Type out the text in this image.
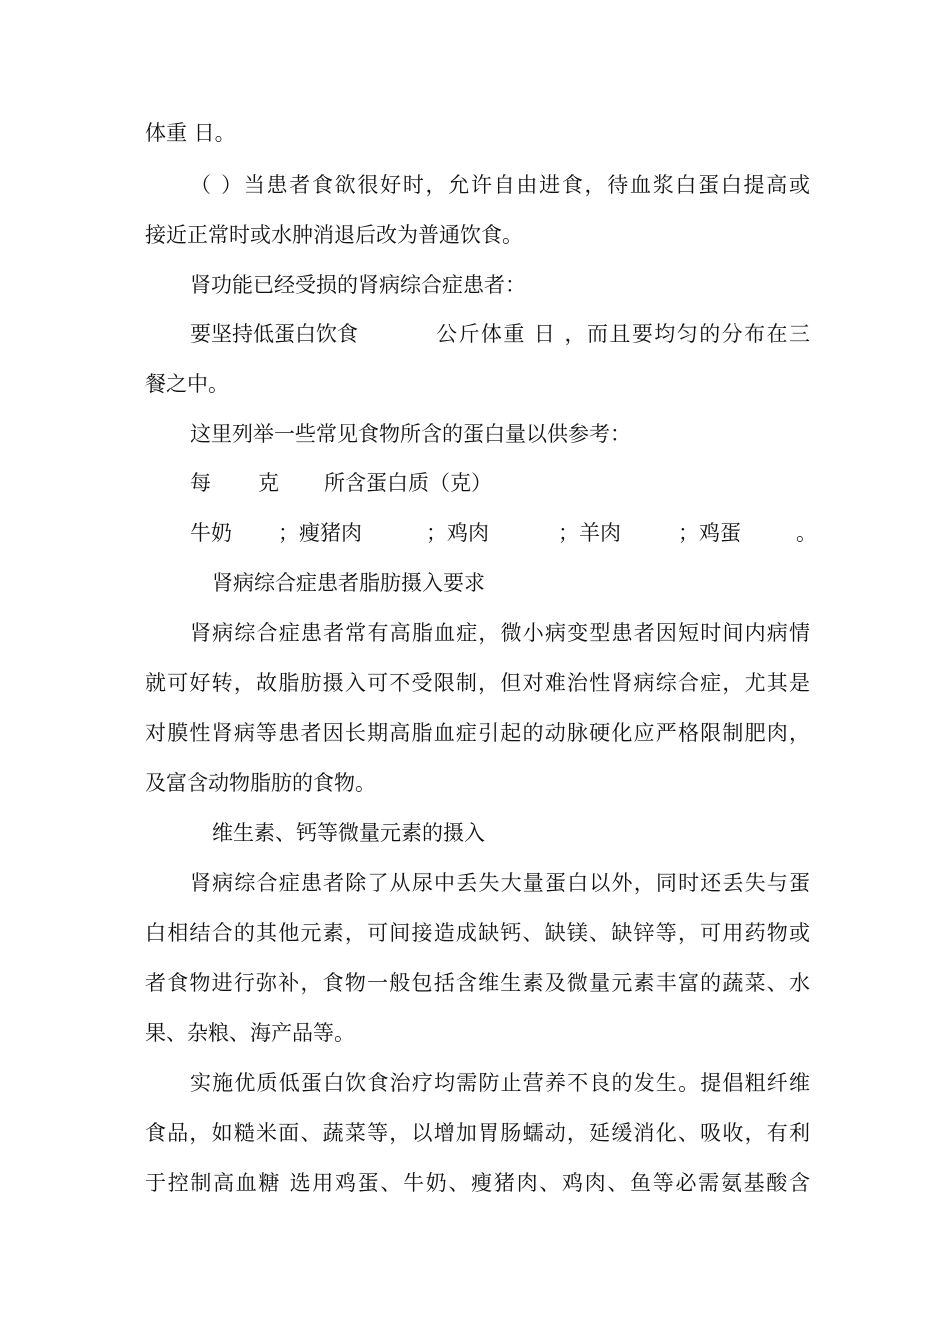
体重 日。

（ ）当患者食欲很好时，允许自由进食，待血浆白蛋白提高或

接近正常时或水肿消退后改为普通饮食。

肾功能已经受损的肾病综合症患者：

要坚持低蛋白饮食	公斤体重 日 ，而且要均匀的分布在三

餐之中。

这里列举一些常见食物所含的蛋白量以供参考：

每 克 所含蛋白质（克）
牛奶 ；瘦猪肉	；鸡肉	；羊肉	；鸡蛋	。

肾病综合症患者脂肪摄入要求

肾病综合症患者常有高脂血症，微小病变型患者因短时间内病情

就可好转，故脂肪摄入可不受限制，但对难治性肾病综合症，尤其是

对膜性肾病等患者因长期高脂血症引起的动脉硬化应严格限制肥肉，

及富含动物脂肪的食物。

维生素、钙等微量元素的摄入

肾病综合症患者除了从尿中丢失大量蛋白以外，同时还丢失与蛋

白相结合的其他元素，可间接造成缺钙、缺镁、缺锌等，可用药物或

者食物进行弥补，食物一般包括含维生素及微量元素丰富的蔬菜、水

果、杂粮、海产品等。

实施优质低蛋白饮食治疗均需防止营养不良的发生。提倡粗纤维

食品，如糙米面、蔬菜等，以增加胃肠蠕动，延缓消化、吸收，有利

于控制高血糖 选用鸡蛋、牛奶、瘦猪肉、鸡肉、鱼等必需氨基酸含
